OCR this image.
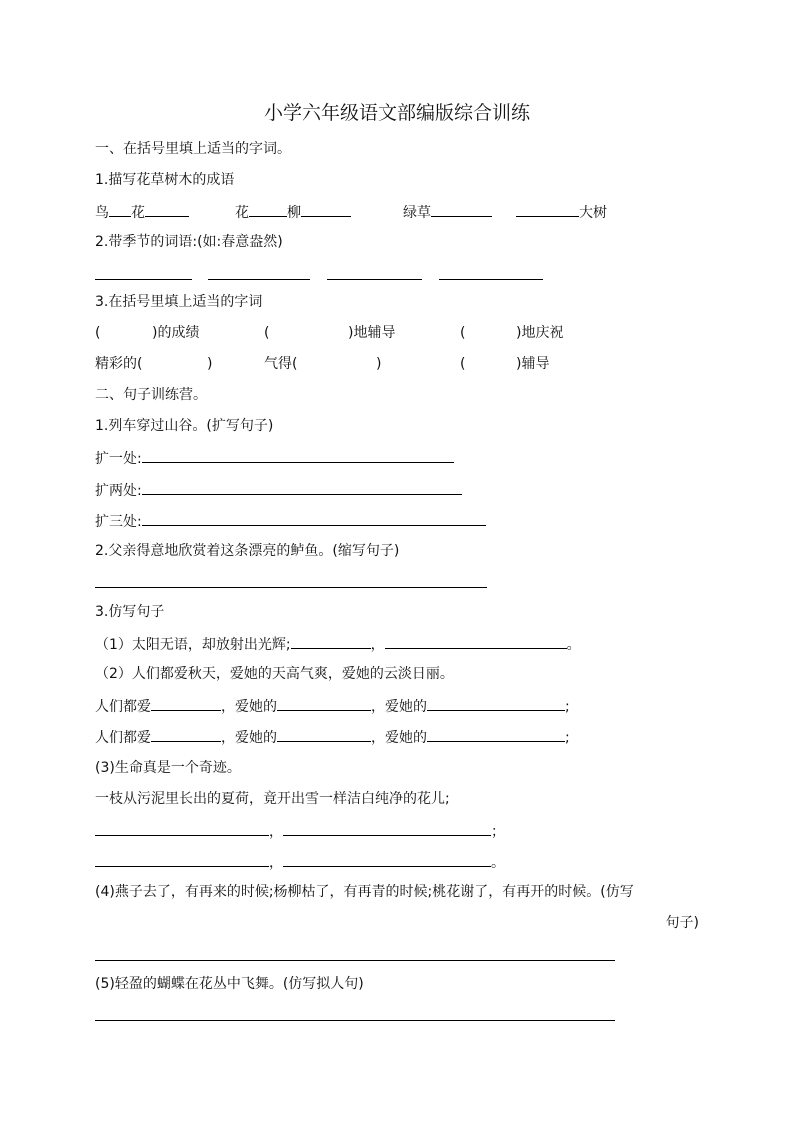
小学六年级语文部编版综合训练
一、在括号里填上适当的字词。
1.描写花草树木的成语
鸟 花	花	柳	绿草	大树
2.带季节的词语:(如:春意盎然)
3.在括号里填上适当的字词
(	)的成绩	(	)地辅导	(	)地庆祝
精彩的(	)	气得(	)	(	)辅导
二、句子训练营。
1.列车穿过山谷。(扩写句子)
扩一处:
扩两处:
扩三处:
2.父亲得意地欣赏着这条漂亮的鲈鱼。(缩写句子)
3.仿写句子
（1）太阳无语，却放射出光辉;	，	。
（2）人们都爱秋天，爱她的天高气爽，爱她的云淡日丽。
人们都爱	，爱她的	，爱她的	;
人们都爱	，爱她的	，爱她的	;
(3)生命真是一个奇迹。
一枝从污泥里长出的夏荷，竟开出雪一样洁白纯净的花儿;
，	；
，	。
(4)燕子去了，有再来的时候;杨柳枯了，有再青的时候;桃花谢了，有再开的时候。(仿写
句子)
(5)轻盈的蝴蝶在花丛中飞舞。(仿写拟人句)
